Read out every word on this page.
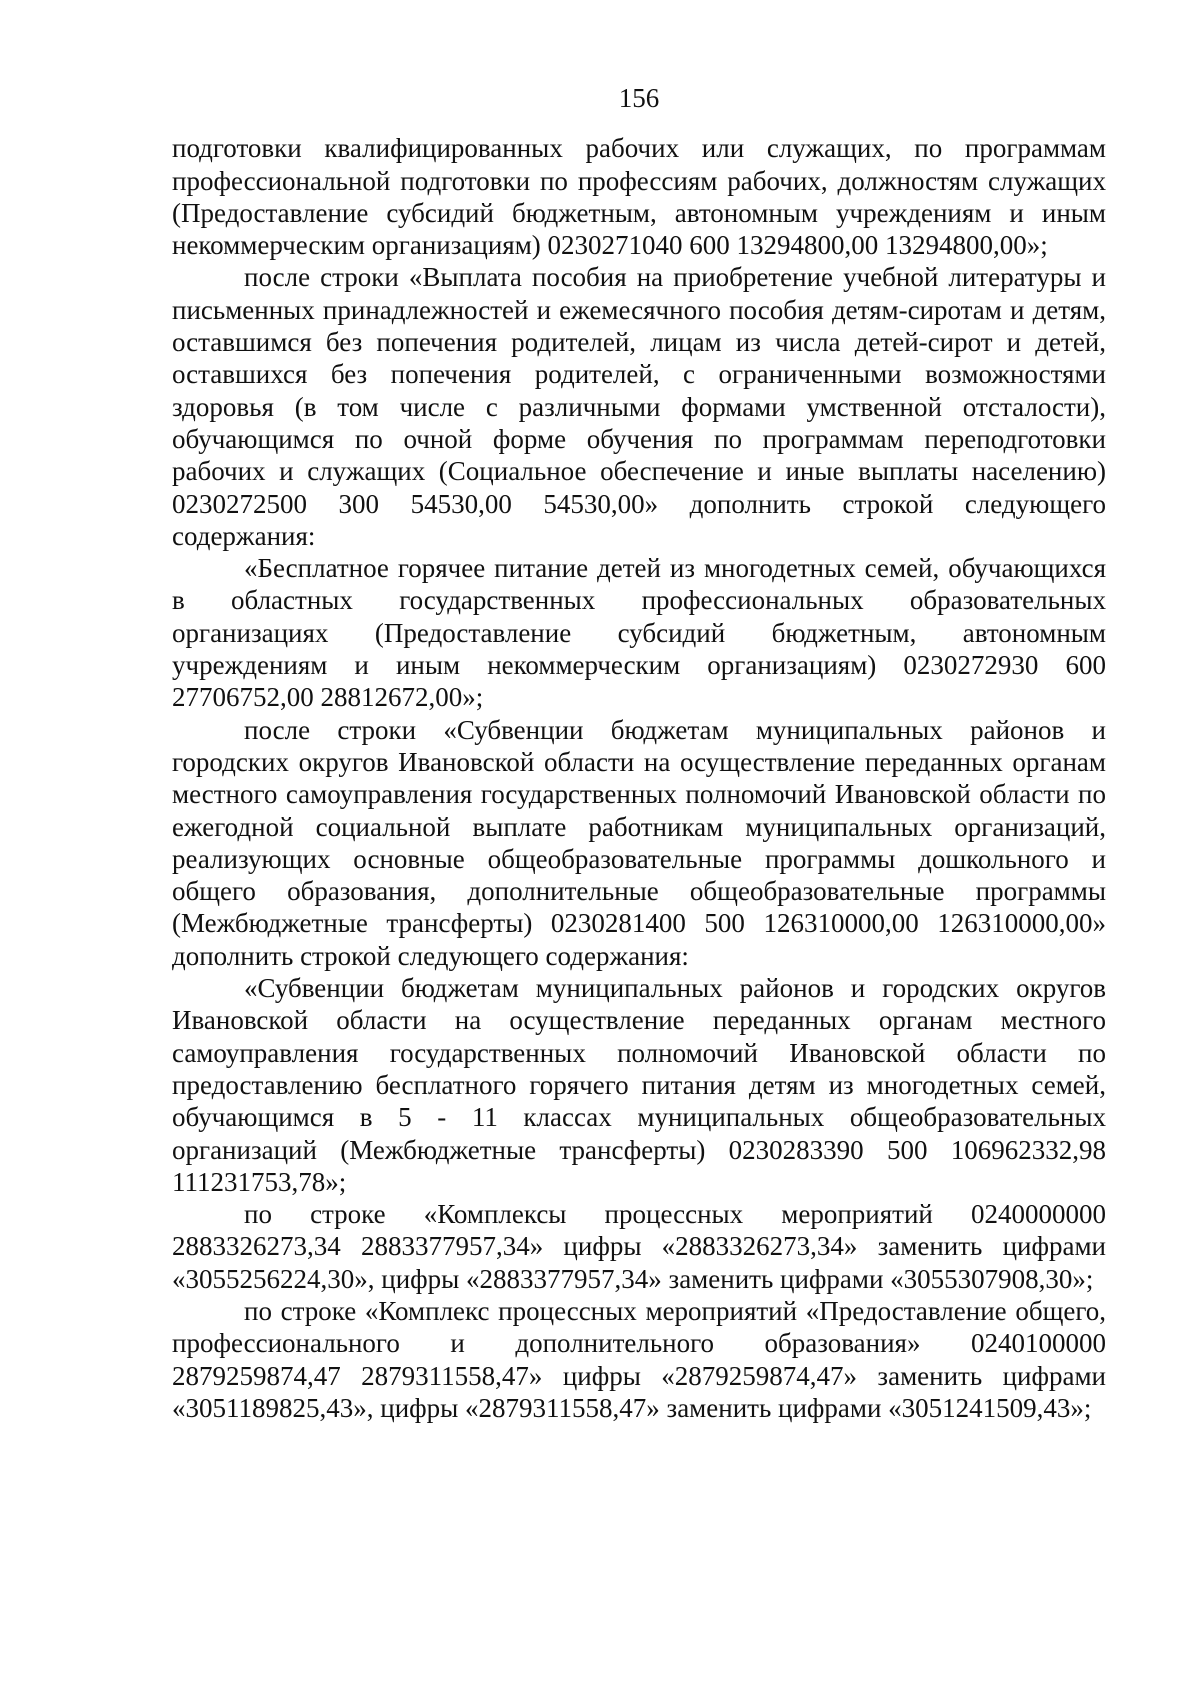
156

подготовки квалифицированных рабочих или служащих, по программам профессиональной подготовки по профессиям рабочих, должностям служащих (Предоставление субсидий бюджетным, автономным учреждениям и иным некоммерческим организациям) 0230271040 600 13294800,00 13294800,00»;

после строки «Выплата пособия на приобретение учебной литературы и письменных принадлежностей и ежемесячного пособия детям-сиротам и детям, оставшимся без попечения родителей, лицам из числа детей-сирот и детей, оставшихся без попечения родителей, с ограниченными возможностями здоровья (в том числе с различными формами умственной отсталости), обучающимся по очной форме обучения по программам переподготовки рабочих и служащих (Социальное обеспечение и иные выплаты населению) 0230272500 300 54530,00 54530,00» дополнить строкой следующего содержания:

«Бесплатное горячее питание детей из многодетных семей, обучающихся в областных государственных профессиональных образовательных организациях (Предоставление субсидий бюджетным, автономным учреждениям и иным некоммерческим организациям) 0230272930 600 27706752,00 28812672,00»;

после строки «Субвенции бюджетам муниципальных районов и городских округов Ивановской области на осуществление переданных органам местного самоуправления государственных полномочий Ивановской области по ежегодной социальной выплате работникам муниципальных организаций, реализующих основные общеобразовательные программы дошкольного и общего образования, дополнительные общеобразовательные программы (Межбюджетные трансферты) 0230281400 500 126310000,00 126310000,00» дополнить строкой следующего содержания:

«Субвенции бюджетам муниципальных районов и городских округов Ивановской области на осуществление переданных органам местного самоуправления государственных полномочий Ивановской области по предоставлению бесплатного горячего питания детям из многодетных семей, обучающимся в 5 - 11 классах муниципальных общеобразовательных организаций (Межбюджетные трансферты) 0230283390 500 106962332,98 111231753,78»;

по строке «Комплексы процессных мероприятий 0240000000 2883326273,34 2883377957,34» цифры «2883326273,34» заменить цифрами «3055256224,30», цифры «2883377957,34» заменить цифрами «3055307908,30»;

по строке «Комплекс процессных мероприятий «Предоставление общего, профессионального и дополнительного образования» 0240100000 2879259874,47 2879311558,47» цифры «2879259874,47» заменить цифрами «3051189825,43», цифры «2879311558,47» заменить цифрами «3051241509,43»;
